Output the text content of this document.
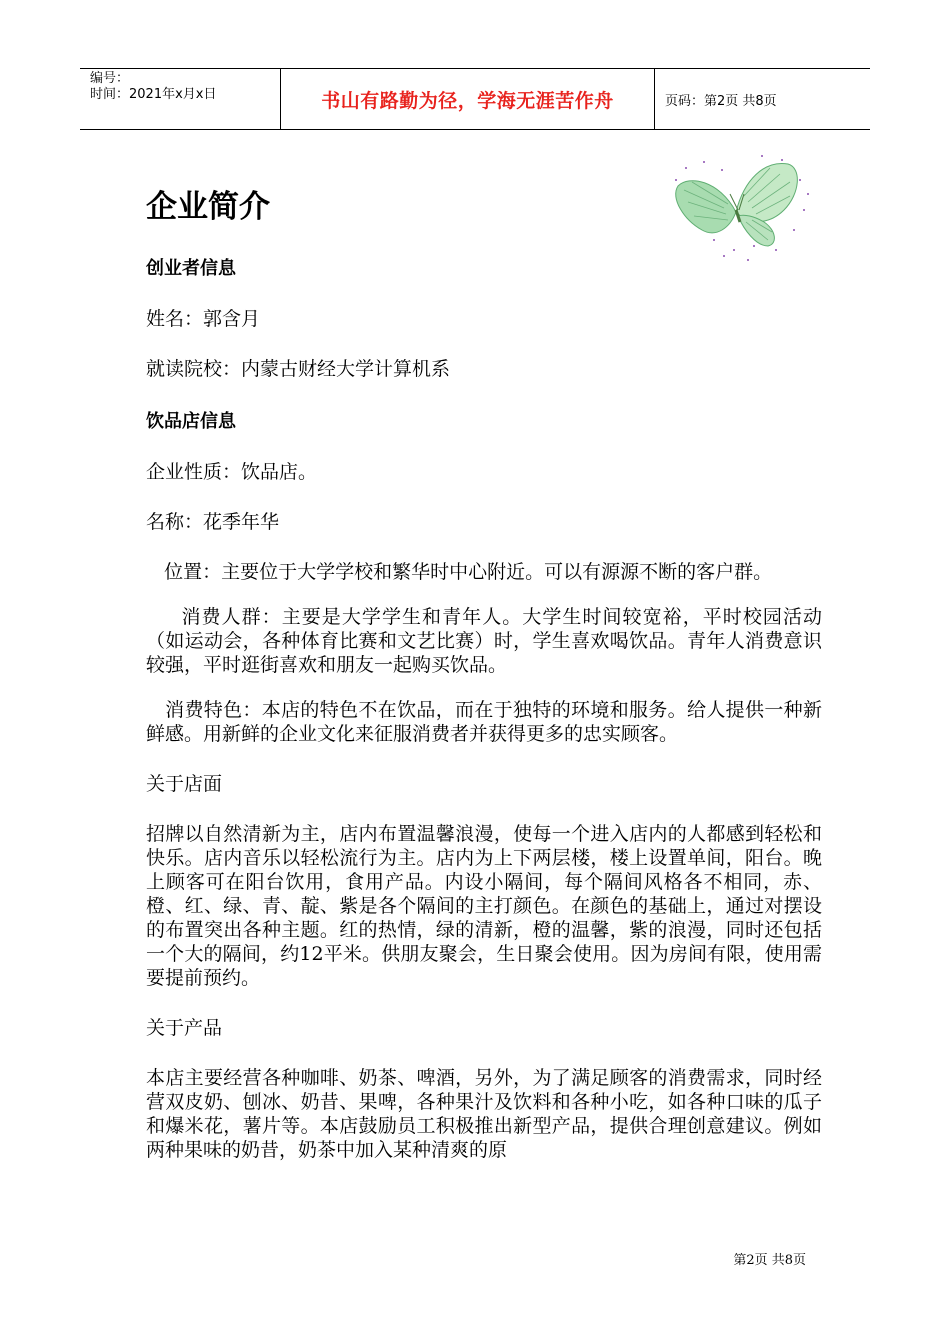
编号：
时间：2021年x月x日	书山有路勤为径，学海无涯苦作舟	页码：第2页 共8页
企业简介
创业者信息
姓名：郭含月
就读院校：内蒙古财经大学计算机系
饮品店信息
企业性质：饮品店。
名称：花季年华
位置：主要位于大学学校和繁华时中心附近。可以有源源不断的客户群。
消费人群：主要是大学学生和青年人。大学生时间较宽裕，平时校园活动（如运动会，各种体育比赛和文艺比赛）时，学生喜欢喝饮品。青年人消费意识较强，平时逛街喜欢和朋友一起购买饮品。
消费特色：本店的特色不在饮品，而在于独特的环境和服务。给人提供一种新鲜感。用新鲜的企业文化来征服消费者并获得更多的忠实顾客。
关于店面
招牌以自然清新为主，店内布置温馨浪漫，使每一个进入店内的人都感到轻松和快乐。店内音乐以轻松流行为主。店内为上下两层楼，楼上设置单间，阳台。晚上顾客可在阳台饮用，食用产品。内设小隔间，每个隔间风格各不相同，赤、橙、红、绿、青、靛、紫是各个隔间的主打颜色。在颜色的基础上，通过对摆设的布置突出各种主题。红的热情，绿的清新，橙的温馨，紫的浪漫，同时还包括一个大的隔间，约12平米。供朋友聚会，生日聚会使用。因为房间有限，使用需要提前预约。
关于产品
本店主要经营各种咖啡、奶茶、啤酒，另外，为了满足顾客的消费需求，同时经营双皮奶、刨冰、奶昔、果啤，各种果汁及饮料和各种小吃，如各种口味的瓜子和爆米花，薯片等。本店鼓励员工积极推出新型产品，提供合理创意建议。例如两种果味的奶昔，奶茶中加入某种清爽的原
第2页 共8页
